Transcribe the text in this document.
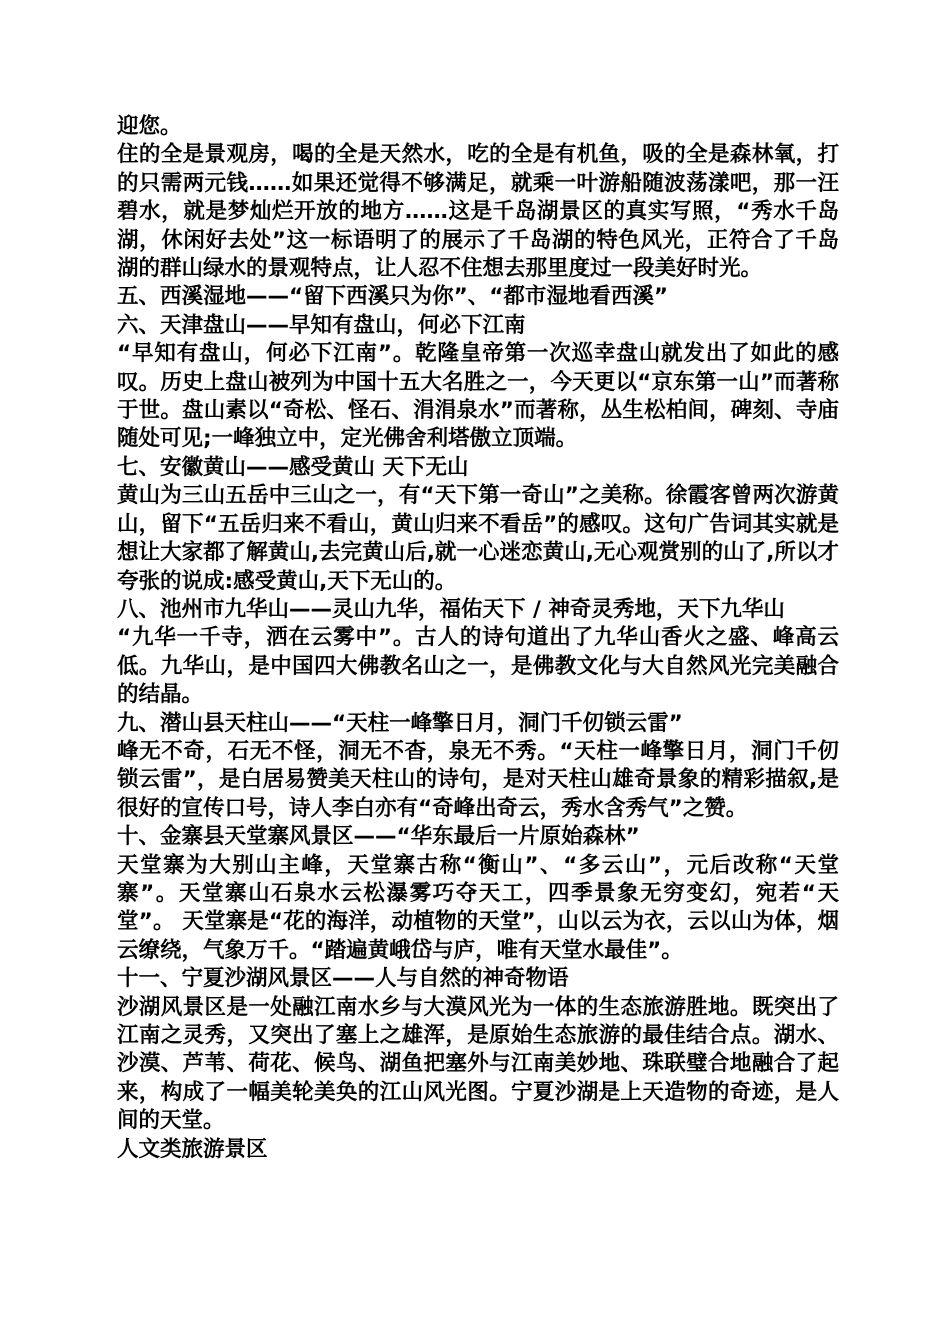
迎您。

住的全是景观房，喝的全是天然水，吃的全是有机鱼，吸的全是森林氧，打的只需两元钱……如果还觉得不够满足，就乘一叶游船随波荡漾吧，那一汪碧水，就是梦灿烂开放的地方……这是千岛湖景区的真实写照，“秀水千岛湖，休闲好去处”这一标语明了的展示了千岛湖的特色风光，正符合了千岛湖的群山绿水的景观特点，让人忍不住想去那里度过一段美好时光。

五、西溪湿地——“留下西溪只为你”、“都市湿地看西溪”

六、天津盘山——早知有盘山，何必下江南

“早知有盘山，何必下江南”。乾隆皇帝第一次巡幸盘山就发出了如此的感叹。历史上盘山被列为中国十五大名胜之一，今天更以“京东第一山”而著称于世。盘山素以“奇松、怪石、涓涓泉水”而著称，丛生松柏间，碑刻、寺庙随处可见;一峰独立中，定光佛舍利塔傲立顶端。

七、安徽黄山——感受黄山 天下无山

黄山为三山五岳中三山之一，有“天下第一奇山”之美称。徐霞客曾两次游黄山，留下“五岳归来不看山，黄山归来不看岳”的感叹。这句广告词其实就是想让大家都了解黄山,去完黄山后,就一心迷恋黄山,无心观赏别的山了,所以才夸张的说成:感受黄山,天下无山的。

八、池州市九华山——灵山九华，福佑天下 / 神奇灵秀地，天下九华山

“九华一千寺，洒在云雾中”。古人的诗句道出了九华山香火之盛、峰高云低。九华山，是中国四大佛教名山之一，是佛教文化与大自然风光完美融合的结晶。

九、潜山县天柱山——“天柱一峰擎日月，洞门千仞锁云雷”

峰无不奇，石无不怪，洞无不杳，泉无不秀。“天柱一峰擎日月，洞门千仞锁云雷”，是白居易赞美天柱山的诗句，是对天柱山雄奇景象的精彩描叙,是很好的宣传口号，诗人李白亦有“奇峰出奇云，秀水含秀气”之赞。

十、金寨县天堂寨风景区——“华东最后一片原始森林”

天堂寨为大别山主峰，天堂寨古称“衡山”、“多云山”，元后改称“天堂寨”。天堂寨山石泉水云松瀑雾巧夺天工，四季景象无穷变幻，宛若“天堂”。 天堂寨是“花的海洋，动植物的天堂”，山以云为衣，云以山为体，烟云缭绕，气象万千。“踏遍黄峨岱与庐，唯有天堂水最佳”。

十一、宁夏沙湖风景区——人与自然的神奇物语

沙湖风景区是一处融江南水乡与大漠风光为一体的生态旅游胜地。既突出了江南之灵秀，又突出了塞上之雄浑，是原始生态旅游的最佳结合点。湖水、沙漠、芦苇、荷花、候鸟、湖鱼把塞外与江南美妙地、珠联璧合地融合了起来，构成了一幅美轮美奂的江山风光图。宁夏沙湖是上天造物的奇迹，是人间的天堂。

人文类旅游景区
